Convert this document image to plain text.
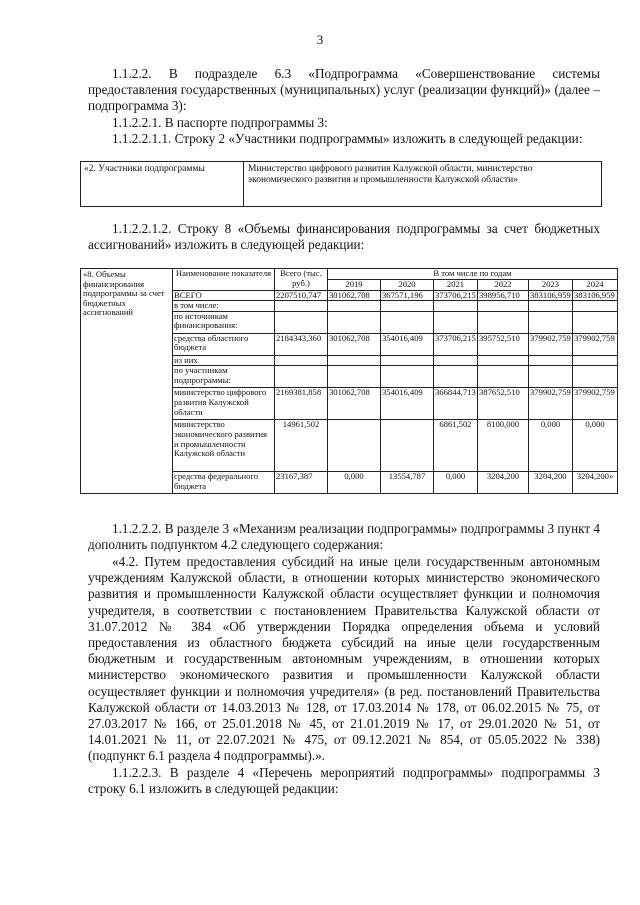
3

1.1.2.2. В подразделе 6.3 «Подпрограмма «Совершенствование системы предоставления государственных (муниципальных) услуг (реализации функций)» (далее – подпрограмма 3):

1.1.2.2.1. В паспорте подпрограммы 3:

1.1.2.2.1.1. Строку 2 «Участники подпрограммы» изложить в следующей редакции:

«2. Участники подпрограммы	Министерство цифрового развития Калужской области, министерство экономического развития и промышленности Калужской области»

1.1.2.2.1.2. Строку 8 «Объемы финансирования подпрограммы за счет бюджетных ассигнований» изложить в следующей редакции:

«8. Объемы финансирования подпрограммы за счет бюджетных ассигнований	Наименование показателя	Всего (тыс. руб.)	В том числе по годам					
			2019	2020	2021	2022	2023	2024
	ВСЕГО	2207510,747	301062,708	367571,196	373706,215	398956,710	383106,959	383106,959
	в том числе:							
	по источникам финансирования:							
	средства областного бюджета	2184343,360	301062,708	354016,409	373706,215	395752,510	379902,759	379902,759
	из них							
	по участникам подпрограммы:							
	министерство цифрового развития Калужской области	2169381,858	301062,708	354016,409	366844,713	387652,510	379902,759	379902,759
	министерство экономического развития и промышленности Калужской области	14961,502			6861,502	8100,000	0,000	0,000
	средства федерального бюджета	23167,387	0,000	13554,787	0,000	3204,200	3204,200	3204,200»

1.1.2.2.2. В разделе 3 «Механизм реализации подпрограммы» подпрограммы 3 пункт 4 дополнить подпунктом 4.2 следующего содержания:

«4.2. Путем предоставления субсидий на иные цели государственным автономным учреждениям Калужской области, в отношении которых министерство экономического развития и промышленности Калужской области осуществляет функции и полномочия учредителя, в соответствии с постановлением Правительства Калужской области от 31.07.2012 № 384 «Об утверждении Порядка определения объема и условий предоставления из областного бюджета субсидий на иные цели государственным бюджетным и государственным автономным учреждениям, в отношении которых министерство экономического развития и промышленности Калужской области осуществляет функции и полномочия учредителя» (в ред. постановлений Правительства Калужской области от 14.03.2013 № 128, от 17.03.2014 № 178, от 06.02.2015 № 75, от 27.03.2017 № 166, от 25.01.2018 № 45, от 21.01.2019 № 17, от 29.01.2020 № 51, от 14.01.2021 № 11, от 22.07.2021 № 475, от 09.12.2021 № 854, от 05.05.2022 № 338) (подпункт 6.1 раздела 4 подпрограммы).».

1.1.2.2.3. В разделе 4 «Перечень мероприятий подпрограммы» подпрограммы 3 строку 6.1 изложить в следующей редакции:
